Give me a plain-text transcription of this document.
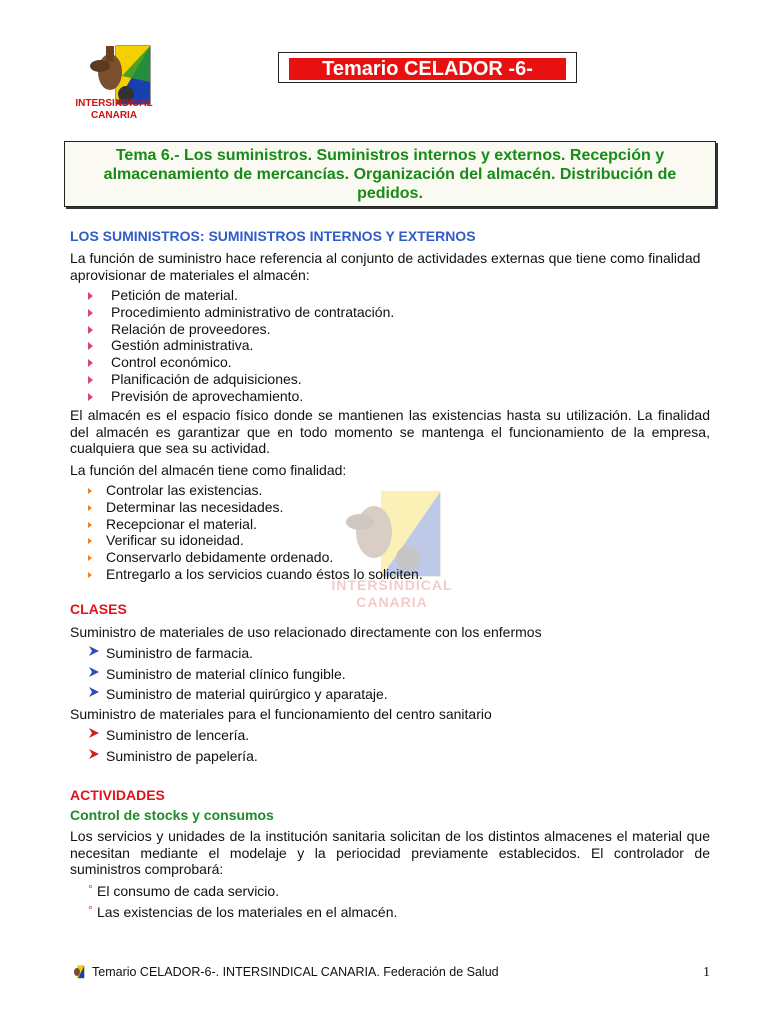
INTERSINDICAL
CANARIA
Temario CELADOR -6-
Tema 6.- Los suministros. Suministros internos y externos. Recepción y almacenamiento de mercancías. Organización del almacén. Distribución de pedidos.
LOS SUMINISTROS: SUMINISTROS INTERNOS Y EXTERNOS
La función de suministro hace referencia al conjunto de actividades externas que tiene como finalidad aprovisionar de materiales el almacén:
Petición de material.
Procedimiento administrativo de contratación.
Relación de proveedores.
Gestión administrativa.
Control económico.
Planificación de adquisiciones.
Previsión de aprovechamiento.
El almacén es el espacio físico donde se mantienen las existencias hasta su utilización. La finalidad del almacén es garantizar que en todo momento se mantenga el funcionamiento de la empresa, cualquiera que sea su actividad.
La función del almacén tiene como finalidad:
INTERSINDICAL
CANARIA
Controlar las existencias.
Determinar las necesidades.
Recepcionar el material.
Verificar su idoneidad.
Conservarlo debidamente ordenado.
Entregarlo a los servicios cuando éstos lo soliciten.
CLASES
Suministro de materiales de uso relacionado directamente con los enfermos
Suministro de farmacia.
Suministro de material clínico fungible.
Suministro de material quirúrgico y aparataje.
Suministro de materiales para el funcionamiento del centro sanitario
Suministro de lencería.
Suministro de papelería.
ACTIVIDADES
Control de stocks y consumos
Los servicios y unidades de la institución sanitaria solicitan de los distintos almacenes el material que necesitan mediante el modelaje y la periocidad previamente establecidos. El controlador de suministros comprobará:
° El consumo de cada servicio.
° Las existencias de los materiales en el almacén.
Temario CELADOR-6-. INTERSINDICAL CANARIA. Federación de Salud	1
